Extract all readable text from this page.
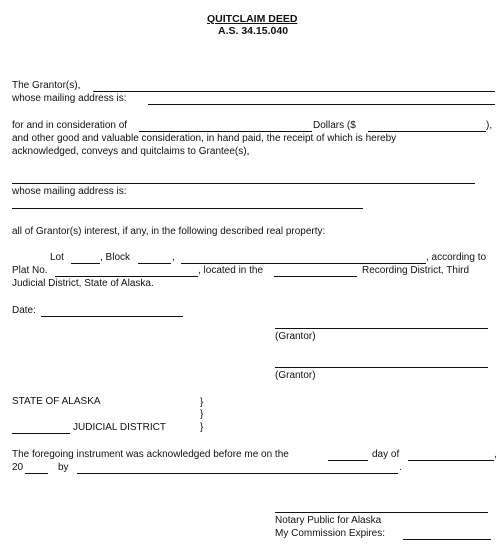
QUITCLAIM DEED
A.S. 34.15.040
The Grantor(s),
whose mailing address is:
for and in consideration of	Dollars ($	),
and other good and valuable consideration, in hand paid, the receipt of which is hereby
acknowledged, conveys and quitclaims to Grantee(s),
whose mailing address is:
all of Grantor(s) interest, if any, in the following described real property:
Lot	, Block	,	, according to
Plat No.	, located in the	Recording District, Third
Judicial District, State of Alaska.
Date:
(Grantor)
(Grantor)
STATE OF ALASKA	}
}
JUDICIAL DISTRICT	}
The foregoing instrument was acknowledged before me on the	day of	,
20	by	.
Notary Public for Alaska
My Commission Expires:
